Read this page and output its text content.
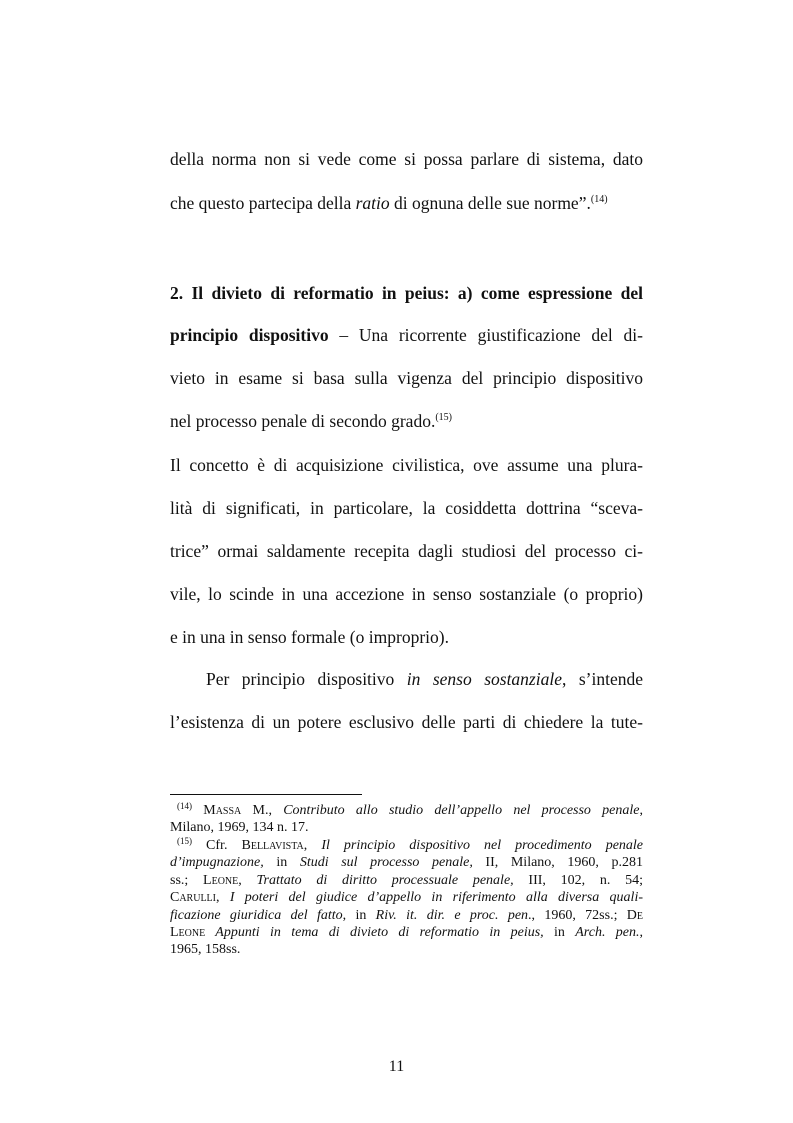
della norma non si vede come si possa parlare di sistema, dato

che questo partecipa della ratio di ognuna delle sue norme”.$^{(14)}$

2. Il divieto di reformatio in peius: a) come espressione del

principio dispositivo – Una ricorrente giustificazione del di-

vieto in esame si basa sulla vigenza del principio dispositivo

nel processo penale di secondo grado.$^{(15)}$

Il concetto è di acquisizione civilistica, ove assume una plura-

lità di significati, in particolare, la cosiddetta dottrina “sceva-

trice” ormai saldamente recepita dagli studiosi del processo ci-

vile, lo scinde in una accezione in senso sostanziale (o proprio)

e in una in senso formale (o improprio).

Per principio dispositivo in senso sostanziale, s’intende

l’esistenza di un potere esclusivo delle parti di chiedere la tute-

$^{(14)}$ Massa M., Contributo allo studio dell’appello nel processo penale,

Milano, 1969, 134 n. 17.

$^{(15)}$ Cfr. Bellavista, Il principio dispositivo nel procedimento penale

d’impugnazione, in Studi sul processo penale, II, Milano, 1960, p.281

ss.; Leone, Trattato di diritto processuale penale, III, 102, n. 54;

Carulli, I poteri del giudice d’appello in riferimento alla diversa quali-

ficazione giuridica del fatto, in Riv. it. dir. e proc. pen., 1960, 72ss.; De

Leone Appunti in tema di divieto di reformatio in peius, in Arch. pen.,

1965, 158ss.

11
